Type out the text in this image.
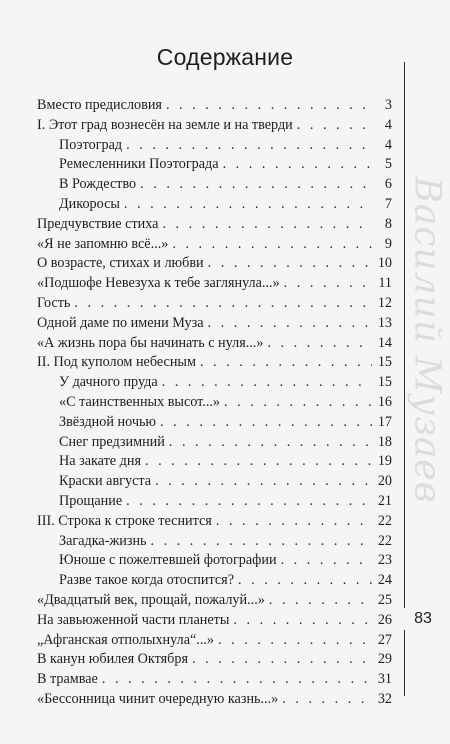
Содержание
Вместо предисловия . . .	3
I. Этот град вознесён на земле и на тверди . . .	4
Поэтоград . . .	4
Ремесленники Поэтограда . . .	5
В Рождество . . .	6
Дикоросы . . .	7
Предчувствие стиха . . .	8
«Я не запомню всё...» . . .	9
О возрасте, стихах и любви . . .	10
«Подшофе Невезуха к тебе заглянула...» . . .	11
Гость . . .	12
Одной даме по имени Муза . . .	13
«А жизнь пора бы начинать с нуля...» . . .	14
II. Под куполом небесным . . .	15
У дачного пруда . . .	15
«С таинственных высот...» . . .	16
Звёздной ночью . . .	17
Снег предзимний . . .	18
На закате дня . . .	19
Краски августа . . .	20
Прощание . . .	21
III. Строка к строке теснится . . .	22
Загадка-жизнь . . .	22
Юноше с пожелтевшей фотографии . . .	23
Разве такое когда отоспится? . . .	24
«Двадцатый век, прощай, пожалуй...» . . .	25
На завьюженной части планеты . . .	26
„Афганская отполыхнула“...» . . .	27
В канун юбилея Октября . . .	29
В трамвае . . .	31
«Бессонница чинит очередную казнь...» . . .	32
Василий Музаев
83
